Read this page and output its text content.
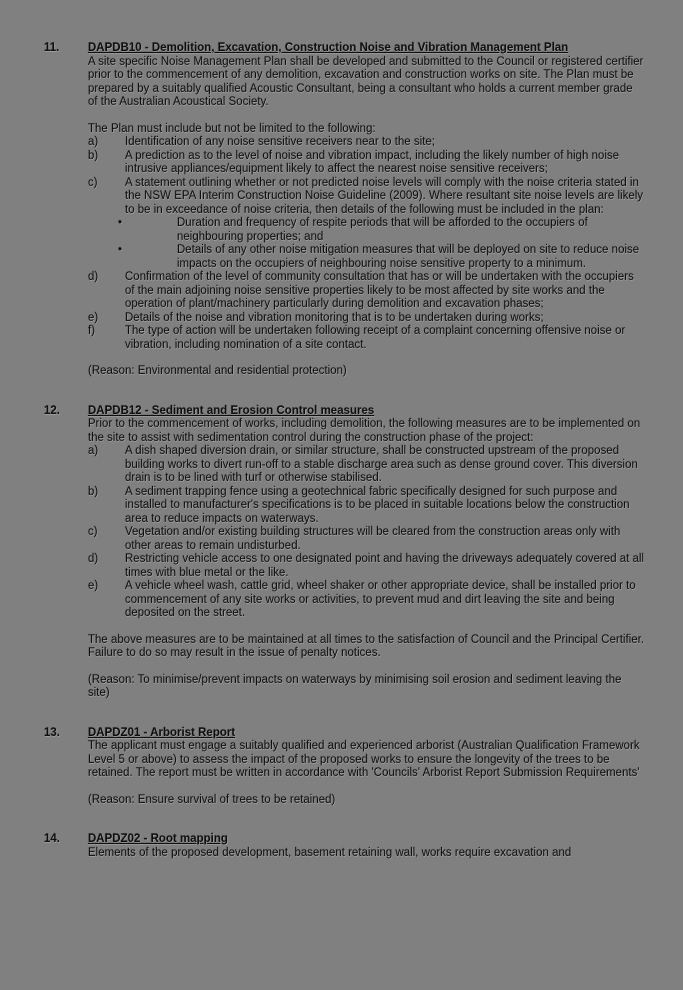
11.	DAPDB10 - Demolition, Excavation, Construction Noise and Vibration Management Plan

A site specific Noise Management Plan shall be developed and submitted to the Council or registered certifier prior to the commencement of any demolition, excavation and construction works on site. The Plan must be prepared by a suitably qualified Acoustic Consultant, being a consultant who holds a current member grade of the Australian Acoustical Society.

The Plan must include but not be limited to the following:

a)	Identification of any noise sensitive receivers near to the site;
b)	A prediction as to the level of noise and vibration impact, including the likely number of high noise intrusive appliances/equipment likely to affect the nearest noise sensitive receivers;
c)	A statement outlining whether or not predicted noise levels will comply with the noise criteria stated in the NSW EPA Interim Construction Noise Guideline (2009). Where resultant site noise levels are likely to be in exceedance of noise criteria, then details of the following must be included in the plan:
•	Duration and frequency of respite periods that will be afforded to the occupiers of neighbouring properties; and
•	Details of any other noise mitigation measures that will be deployed on site to reduce noise impacts on the occupiers of neighbouring noise sensitive property to a minimum.
d)	Confirmation of the level of community consultation that has or will be undertaken with the occupiers of the main adjoining noise sensitive properties likely to be most affected by site works and the operation of plant/machinery particularly during demolition and excavation phases;
e)	Details of the noise and vibration monitoring that is to be undertaken during works;
f)	The type of action will be undertaken following receipt of a complaint concerning offensive noise or vibration, including nomination of a site contact.

(Reason: Environmental and residential protection)

12.	DAPDB12 - Sediment and Erosion Control measures

Prior to the commencement of works, including demolition, the following measures are to be implemented on the site to assist with sedimentation control during the construction phase of the project:

a)	A dish shaped diversion drain, or similar structure, shall be constructed upstream of the proposed building works to divert run-off to a stable discharge area such as dense ground cover. This diversion drain is to be lined with turf or otherwise stabilised.
b)	A sediment trapping fence using a geotechnical fabric specifically designed for such purpose and installed to manufacturer's specifications is to be placed in suitable locations below the construction area to reduce impacts on waterways.
c)	Vegetation and/or existing building structures will be cleared from the construction areas only with other areas to remain undisturbed.
d)	Restricting vehicle access to one designated point and having the driveways adequately covered at all times with blue metal or the like.
e)	A vehicle wheel wash, cattle grid, wheel shaker or other appropriate device, shall be installed prior to commencement of any site works or activities, to prevent mud and dirt leaving the site and being deposited on the street.

The above measures are to be maintained at all times to the satisfaction of Council and the Principal Certifier. Failure to do so may result in the issue of penalty notices.

(Reason: To minimise/prevent impacts on waterways by minimising soil erosion and sediment leaving the site)

13.	DAPDZ01 - Arborist Report

The applicant must engage a suitably qualified and experienced arborist (Australian Qualification Framework Level 5 or above) to assess the impact of the proposed works to ensure the longevity of the trees to be retained. The report must be written in accordance with 'Councils' Arborist Report Submission Requirements'

(Reason: Ensure survival of trees to be retained)

14.	DAPDZ02 - Root mapping

Elements of the proposed development, basement retaining wall, works require excavation and
